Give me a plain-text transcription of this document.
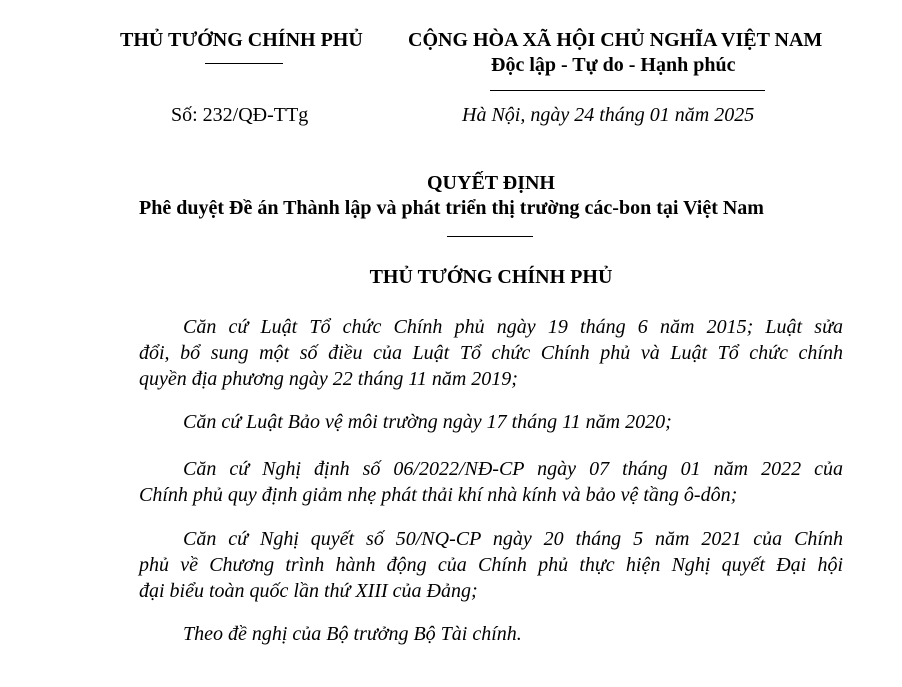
THỦ TƯỚNG CHÍNH PHỦ CỘNG HÒA XÃ HỘI CHỦ NGHĨA VIỆT NAM
Độc lập - Tự do - Hạnh phúc
Số: 232/QĐ-TTg	Hà Nội, ngày 24 tháng 01 năm 2025
QUYẾT ĐỊNH
Phê duyệt Đề án Thành lập và phát triển thị trường các-bon tại Việt Nam
THỦ TƯỚNG CHÍNH PHỦ
Căn cứ Luật Tổ chức Chính phủ ngày 19 tháng 6 năm 2015; Luật sửa
đổi, bổ sung một số điều của Luật Tổ chức Chính phủ và Luật Tổ chức chính
quyền địa phương ngày 22 tháng 11 năm 2019;
Căn cứ Luật Bảo vệ môi trường ngày 17 tháng 11 năm 2020;
Căn cứ Nghị định số 06/2022/NĐ-CP ngày 07 tháng 01 năm 2022 của
Chính phủ quy định giảm nhẹ phát thải khí nhà kính và bảo vệ tầng ô-dôn;
Căn cứ Nghị quyết số 50/NQ-CP ngày 20 tháng 5 năm 2021 của Chính
phủ về Chương trình hành động của Chính phủ thực hiện Nghị quyết Đại hội
đại biểu toàn quốc lần thứ XIII của Đảng;
Theo đề nghị của Bộ trưởng Bộ Tài chính.
